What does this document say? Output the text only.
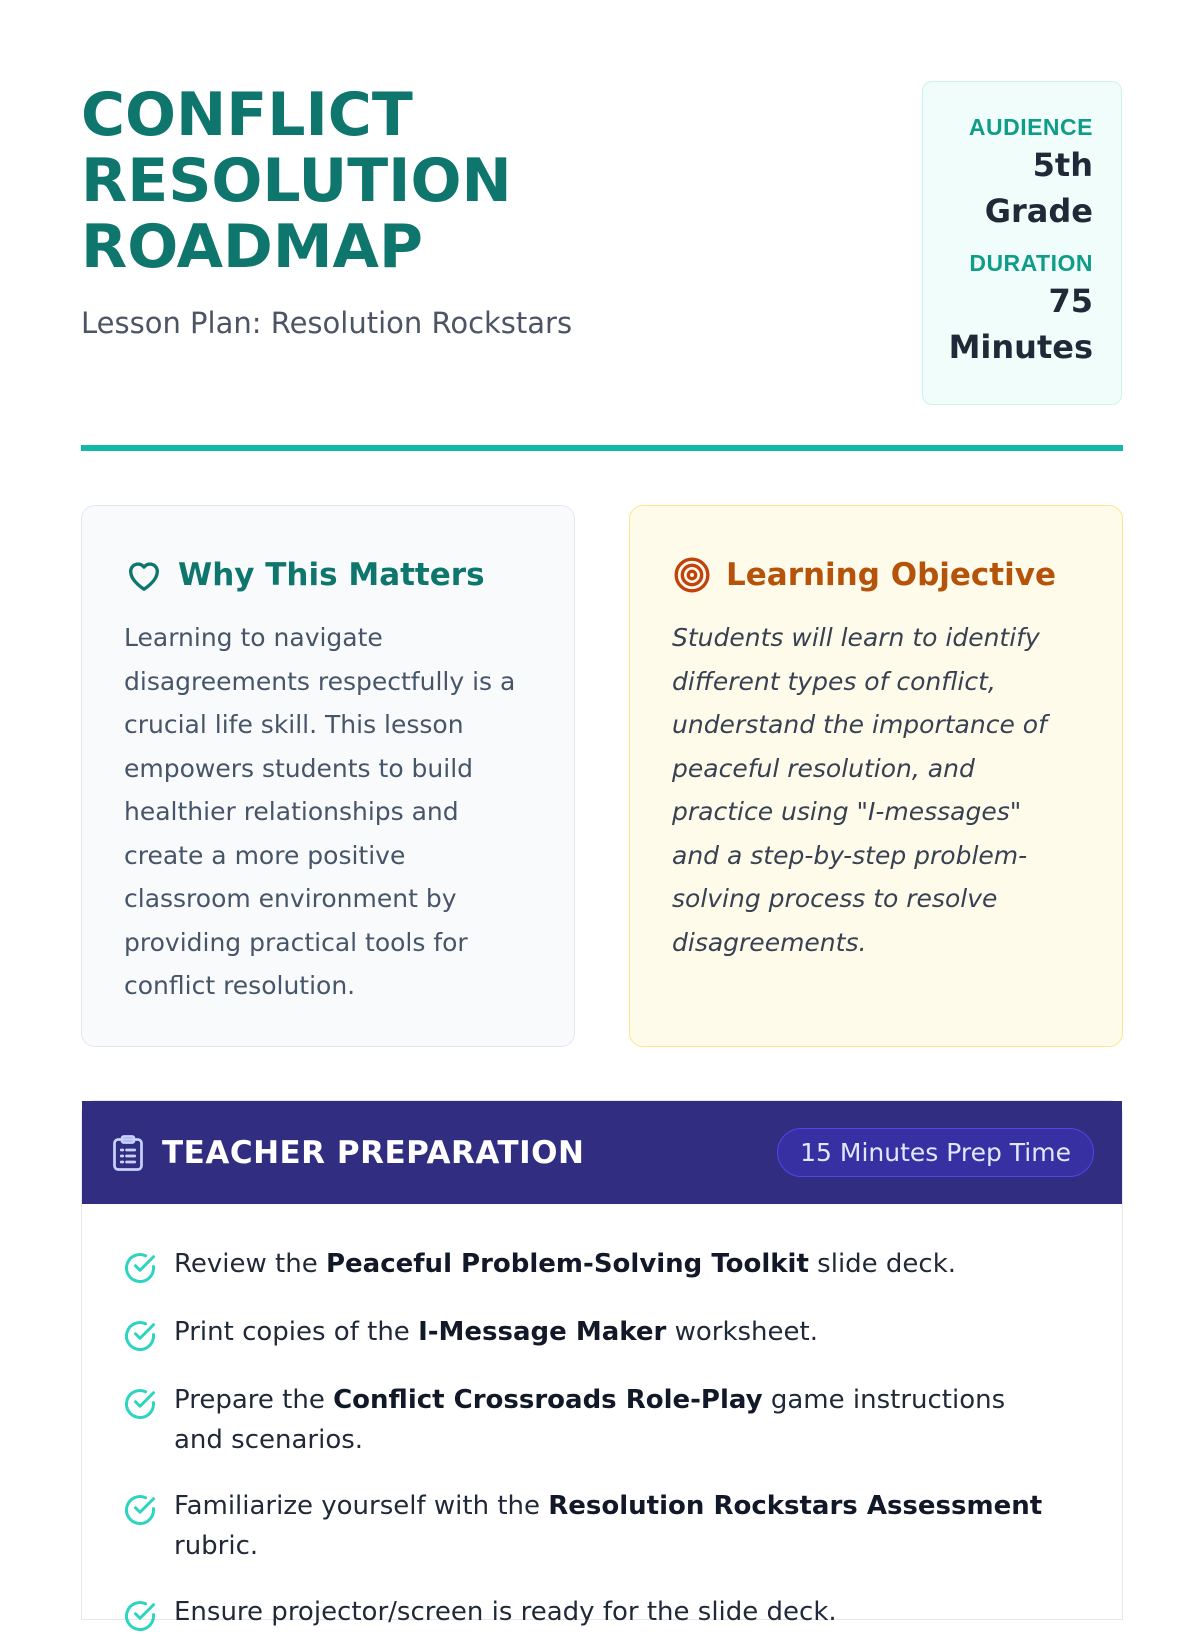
CONFLICT RESOLUTION
ROADMAP
Lesson Plan: Resolution Rockstars
AUDIENCE
5th
Grade
DURATION
75
Minutes
Why This Matters
Learning to navigate
disagreements respectfully is a
crucial life skill. This lesson
empowers students to build
healthier relationships and
create a more positive
classroom environment by
providing practical tools for
conflict resolution.
Learning Objective
Students will learn to identify
different types of conflict,
understand the importance of
peaceful resolution, and
practice using "I-messages"
and a step-by-step problem-
solving process to resolve
disagreements.
TEACHER PREPARATION	15 Minutes Prep Time
Review the Peaceful Problem-Solving Toolkit slide deck.
Print copies of the I-Message Maker worksheet.
Prepare the Conflict Crossroads Role-Play game instructions and scenarios.
Familiarize yourself with the Resolution Rockstars Assessment rubric.
Ensure projector/screen is ready for the slide deck.
